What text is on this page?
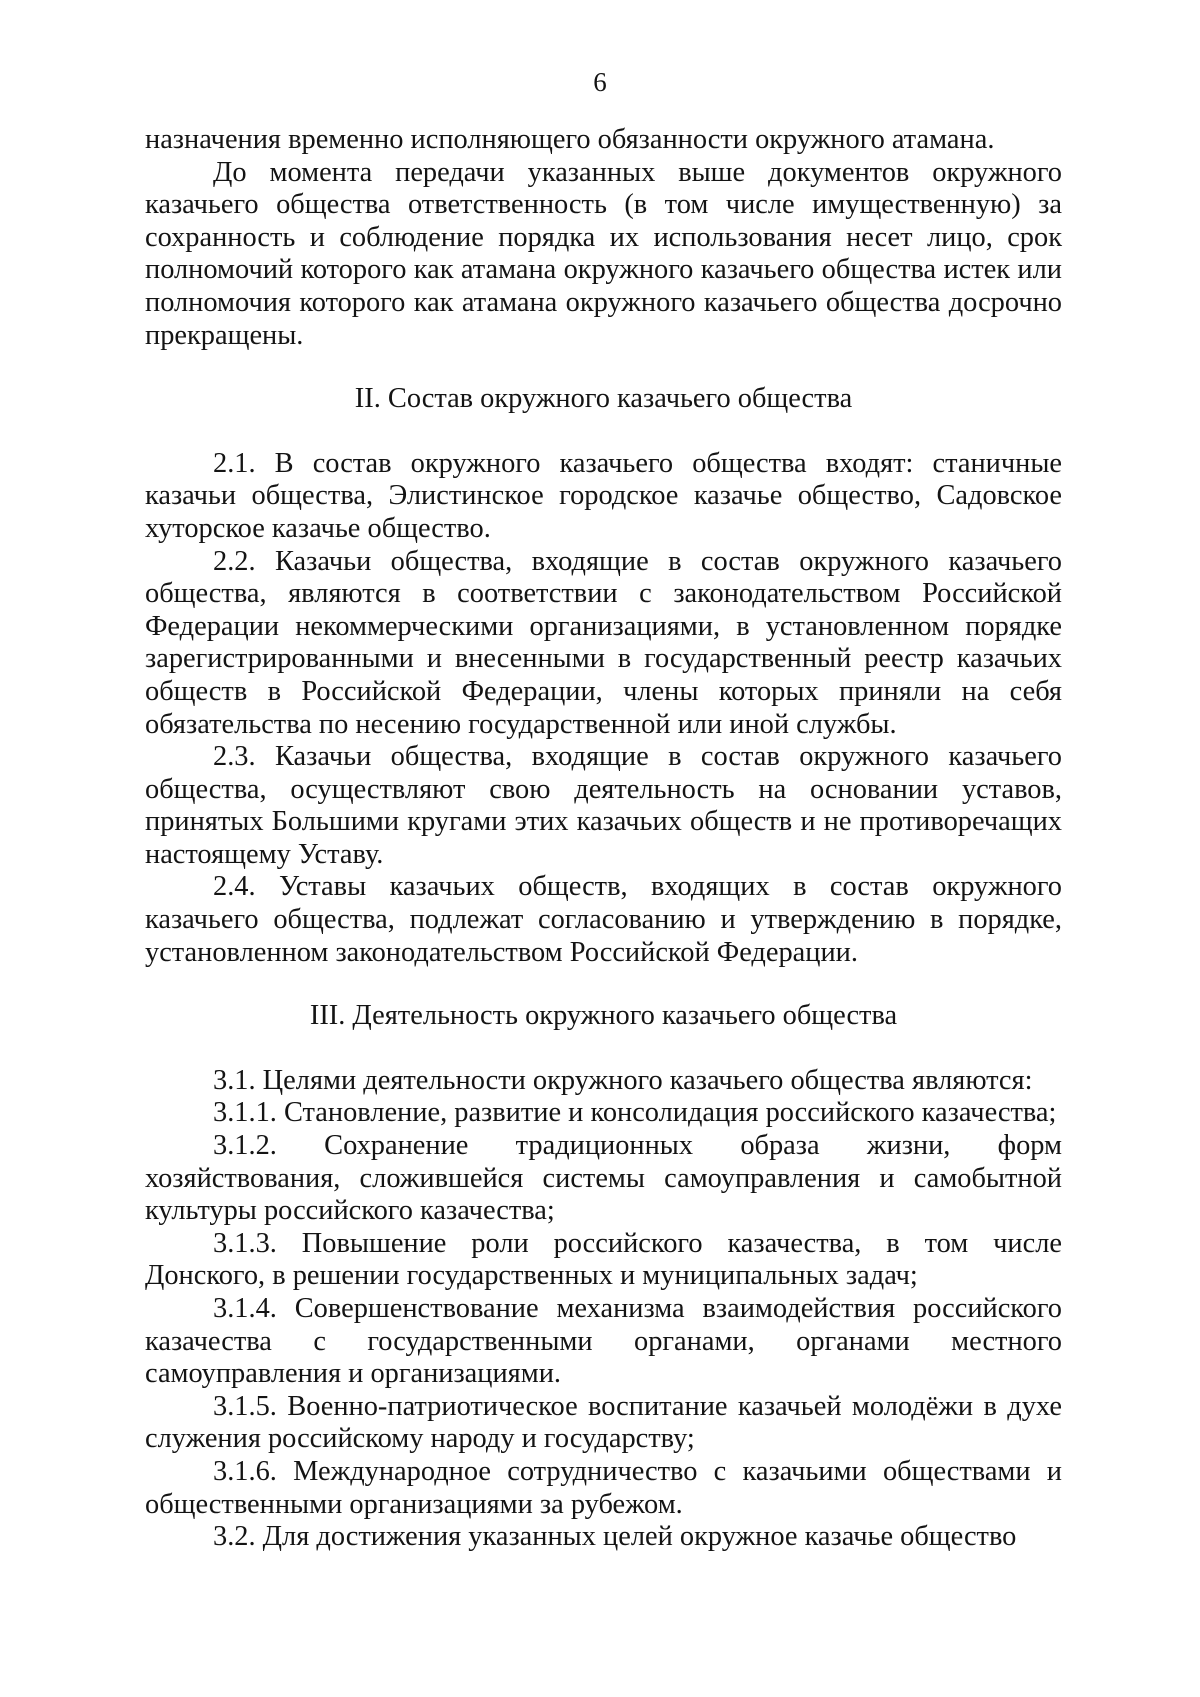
6

назначения временно исполняющего обязанности окружного атамана.

До момента передачи указанных выше документов окружного казачьего общества ответственность (в том числе имущественную) за сохранность и соблюдение порядка их использования несет лицо, срок полномочий которого как атамана окружного казачьего общества истек или полномочия которого как атамана окружного казачьего общества досрочно прекращены.

II. Состав окружного казачьего общества

2.1. В состав окружного казачьего общества входят: станичные казачьи общества, Элистинское городское казачье общество, Садовское хуторское казачье общество.

2.2. Казачьи общества, входящие в состав окружного казачьего общества, являются в соответствии с законодательством Российской Федерации некоммерческими организациями, в установленном порядке зарегистрированными и внесенными в государственный реестр казачьих обществ в Российской Федерации, члены которых приняли на себя обязательства по несению государственной или иной службы.

2.3. Казачьи общества, входящие в состав окружного казачьего общества, осуществляют свою деятельность на основании уставов, принятых Большими кругами этих казачьих обществ и не противоречащих настоящему Уставу.

2.4. Уставы казачьих обществ, входящих в состав окружного казачьего общества, подлежат согласованию и утверждению в порядке, установленном законодательством Российской Федерации.

III. Деятельность окружного казачьего общества

3.1. Целями деятельности окружного казачьего общества являются:

3.1.1. Становление, развитие и консолидация российского казачества;

3.1.2. Сохранение традиционных образа жизни, форм хозяйствования, сложившейся системы самоуправления и самобытной культуры российского казачества;

3.1.3. Повышение роли российского казачества, в том числе Донского, в решении государственных и муниципальных задач;

3.1.4. Совершенствование механизма взаимодействия российского казачества с государственными органами, органами местного самоуправления и организациями.

3.1.5. Военно-патриотическое воспитание казачьей молодёжи в духе служения российскому народу и государству;

3.1.6. Международное сотрудничество с казачьими обществами и общественными организациями за рубежом.

3.2. Для достижения указанных целей окружное казачье общество
